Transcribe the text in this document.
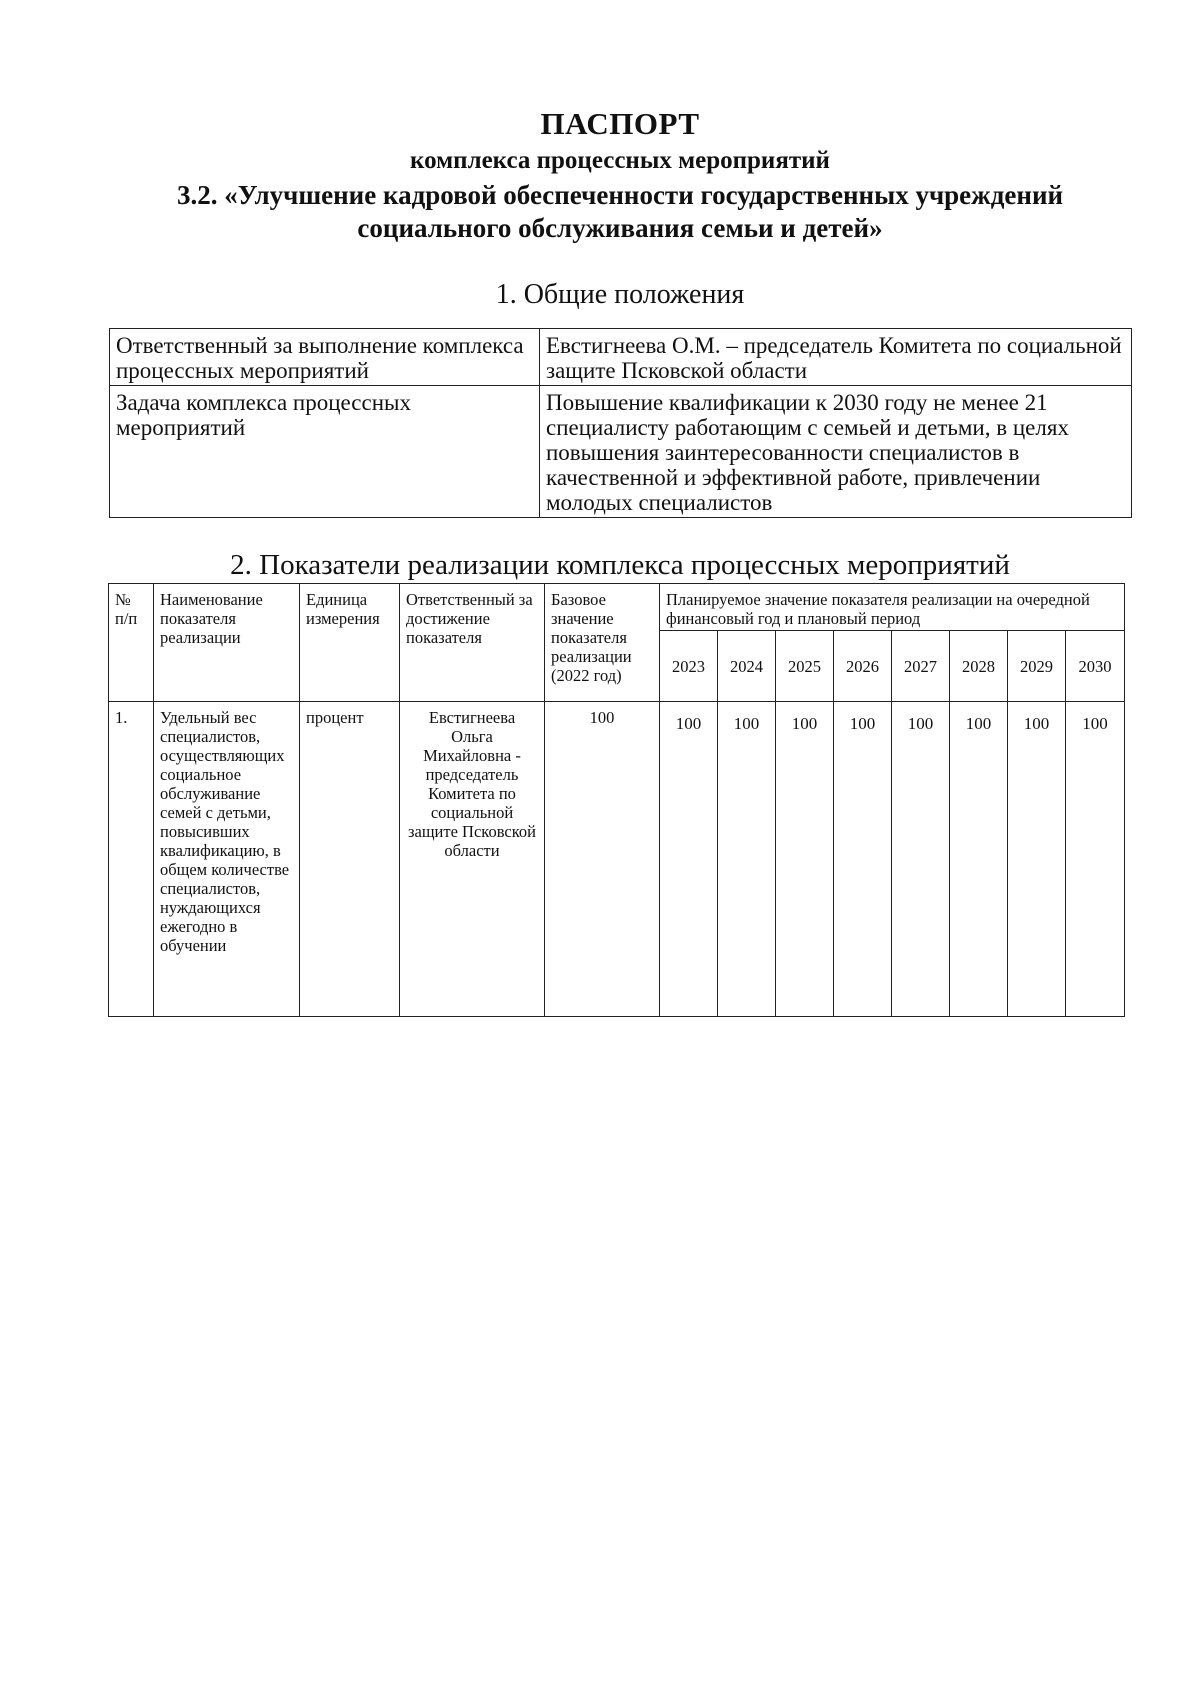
ПАСПОРТ
комплекса процессных мероприятий
3.2. «Улучшение кадровой обеспеченности государственных учреждений
социального обслуживания семьи и детей»
1. Общие положения
Ответственный за выполнение комплекса процессных мероприятий	Евстигнеева О.М. – председатель Комитета по социальной защите Псковской области
Задача комплекса процессных мероприятий	Повышение квалификации к 2030 году не менее 21 специалисту работающим с семьей и детьми, в целях повышения заинтересованности специалистов в качественной и эффективной работе, привлечении молодых специалистов
2. Показатели реализации комплекса процессных мероприятий
№ п/п	Наименование показателя реализации	Единица измерения	Ответственный за достижение показателя	Базовое значение показателя реализации (2022 год)	Планируемое значение показателя реализации на очередной финансовый год и плановый период							
					2023	2024	2025	2026	2027	2028	2029	2030
1.	Удельный вес специалистов, осуществляющих социальное обслуживание семей с детьми, повысивших квалификацию, в общем количестве специалистов, нуждающихся ежегодно в обучении	процент	Евстигнеева Ольга Михайловна - председатель Комитета по социальной защите Псковской области	100	100	100	100	100	100	100	100	100
